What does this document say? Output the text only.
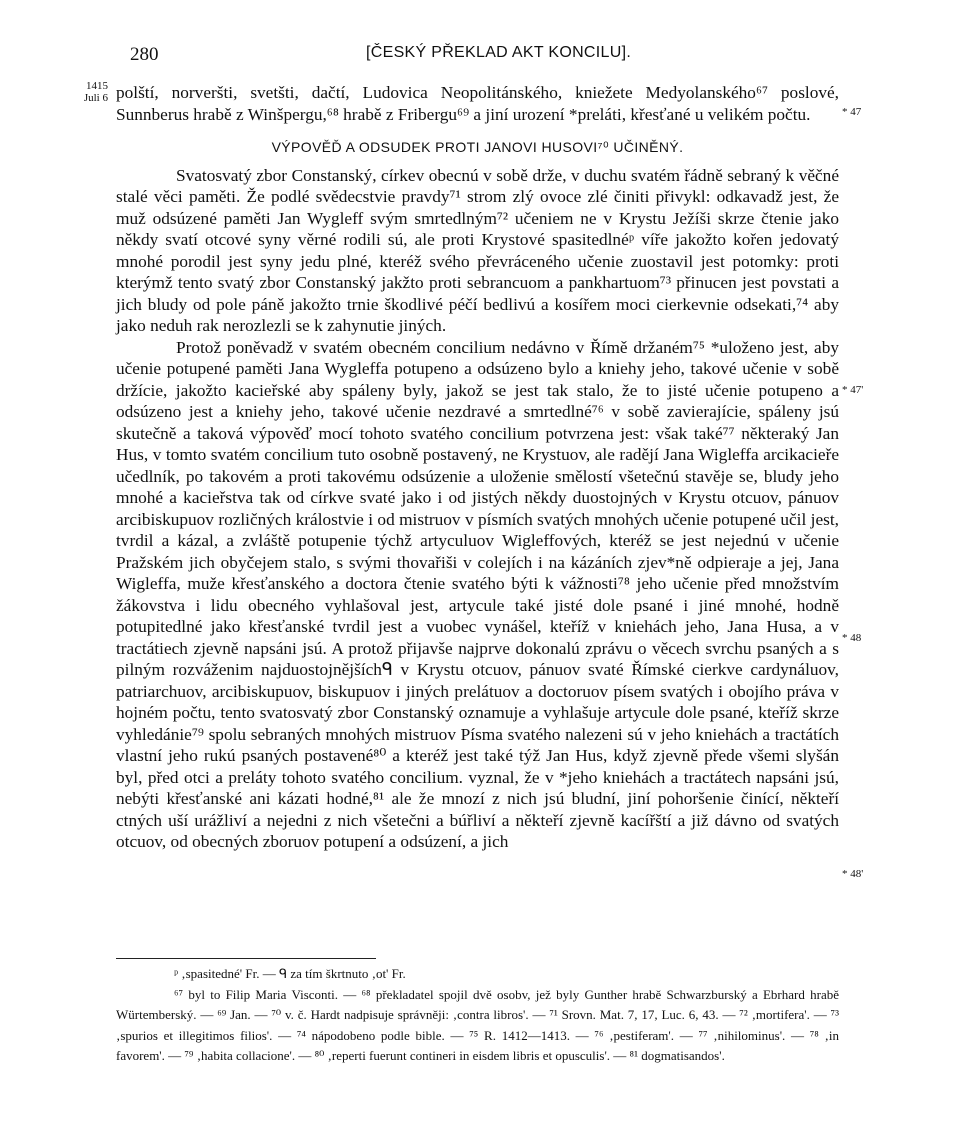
280	[ČESKÝ PŘEKLAD AKT KONCILU].
1415
Juli 6
* 47
* 47'
* 48
* 48'

polští, norveršti, svetšti, dačtí, Ludovica Neopolitánského, kniežete Medyolanského⁶⁷ poslové, Sunnberus hrabě z Winšpergu,⁶⁸ hrabě z Fribergu⁶⁹ a jiní urození *preláti, křesťané u velikém počtu.

VÝPOVĚĎ A ODSUDEK PROTI JANOVI HUSOVI⁷⁰ UČINĚNÝ.

Svatosvatý zbor Constanský, církev obecnú v sobě drže, v duchu svatém řádně sebraný k věčné stalé věci paměti. Že podlé svědecstvie pravdy⁷¹ strom zlý ovoce zlé činiti přivykl: odkavadž jest, že muž odsúzené paměti Jan Wygleff svým smrtedlným⁷² učeniem ne v Krystu Ježíši skrze čtenie jako někdy svatí otcové syny věrné rodili sú, ale proti Krystové spasitedlnéᵖ víře jakožto kořen jedovatý mnohé porodil jest syny jedu plné, kteréž svého převráceného učenie zuostavil jest potomky: proti kterýmž tento svatý zbor Constanský jakžto proti sebrancuom a pankhartuom⁷³ přinucen jest povstati a jich bludy od pole páně jakožto trnie škodlivé péčí bedlivú a kosířem moci cierkevnie odsekati,⁷⁴ aby jako neduh rak nerozlezli se k zahynutie jiných.

Protož poněvadž v svatém obecném concilium nedávno v Římě držaném⁷⁵ *uloženo jest, aby učenie potupené paměti Jana Wygleffa potupeno a odsúzeno bylo a kniehy jeho, takové učenie v sobě držície, jakožto kacieřské aby spáleny byly, jakož se jest tak stalo, že to jisté učenie potupeno a odsúzeno jest a kniehy jeho, takové učenie nezdravé a smrtedlné⁷⁶ v sobě zavierajície, spáleny jsú skutečně a taková výpověď mocí tohoto svatého concilium potvrzena jest: však také⁷⁷ některaký Jan Hus, v tomto svatém concilium tuto osobně postavený, ne Krystuov, ale radějí Jana Wigleffa arcikacieře učedlník, po takovém a proti takovému odsúzenie a uloženie smělostí všetečnú stavěje se, bludy jeho mnohé a kacieřstva tak od církve svaté jako i od jistých někdy duostojných v Krystu otcuov, pánuov arcibiskupuov rozličných králostvie i od mistruov v písmích svatých mnohých učenie potupené učil jest, tvrdil a kázal, a zvláště potupenie týchž artyculuov Wigleffových, kteréž se jest nejednú v učenie Pražském jich obyčejem stalo, s svými thovařiši v colejích i na kázáních zjev*ně odpieraje a jej, Jana Wigleffa, muže křesťanského a doctora čtenie svatého býti k vážnosti⁷⁸ jeho učenie před množstvím žákovstva i lidu obecného vyhlašoval jest, artycule také jisté dole psané i jiné mnohé, hodně potupitedlné jako křesťanské tvrdil jest a vuobec vynášel, kteříž v kniehách jeho, Jana Husa, a v tractátiech zjevně napsáni jsú. A protož přijavše najprve dokonalú zprávu o věcech svrchu psaných a s pilným rozváženim najduostojnějšíchᑫ v Krystu otcuov, pánuov svaté Římské cierkve cardynáluov, patriarchuov, arcibiskupuov, biskupuov i jiných prelátuov a doctoruov písem svatých i obojího práva v hojném počtu, tento svatosvatý zbor Constanský oznamuje a vyhlašuje artycule dole psané, kteříž skrze vyhledánie⁷⁹ spolu sebraných mnohých mistruov Písma svatého nalezeni sú v jeho kniehách a tractátích vlastní jeho rukú psaných postavené⁸⁰ a kteréž jest také týž Jan Hus, když zjevně přede všemi slyšán byl, před otci a preláty tohoto svatého concilium. vyznal, že v *jeho kniehách a tractátech napsáni jsú, nebýti křesťanské ani kázati hodné,⁸¹ ale že mnozí z nich jsú bludní, jiní pohoršenie činící, někteří ctných uší urážliví a nejedni z nich všetečni a búřliví a někteří zjevně kacířští a již dávno od svatých otcuov, od obecných zboruov potupení a odsúzení, a jich

ᵖ ‚spasitedné' Fr. — ᑫ za tím škrtnuto ‚ot' Fr.

⁶⁷ byl to Filip Maria Visconti. — ⁶⁸ překladatel spojil dvě osobv, jež byly Gunther hrabě Schwarzburský a Ebrhard hrabě Würtemberský. — ⁶⁹ Jan. — ⁷⁰ v. č. Hardt nadpisuje správněji: ‚contra libros'. — ⁷¹ Srovn. Mat. 7, 17, Luc. 6, 43. — ⁷² ‚mortifera'. — ⁷³ ‚spurios et illegitimos filios'. — ⁷⁴ nápodobeno podle bible. — ⁷⁵ R. 1412—1413. — ⁷⁶ ‚pestiferam'. — ⁷⁷ ‚nihilominus'. — ⁷⁸ ‚in favorem'. — ⁷⁹ ‚habita collacione'. — ⁸⁰ ‚reperti fuerunt contineri in eisdem libris et opusculis'. — ⁸¹ dogmatisandos'.
